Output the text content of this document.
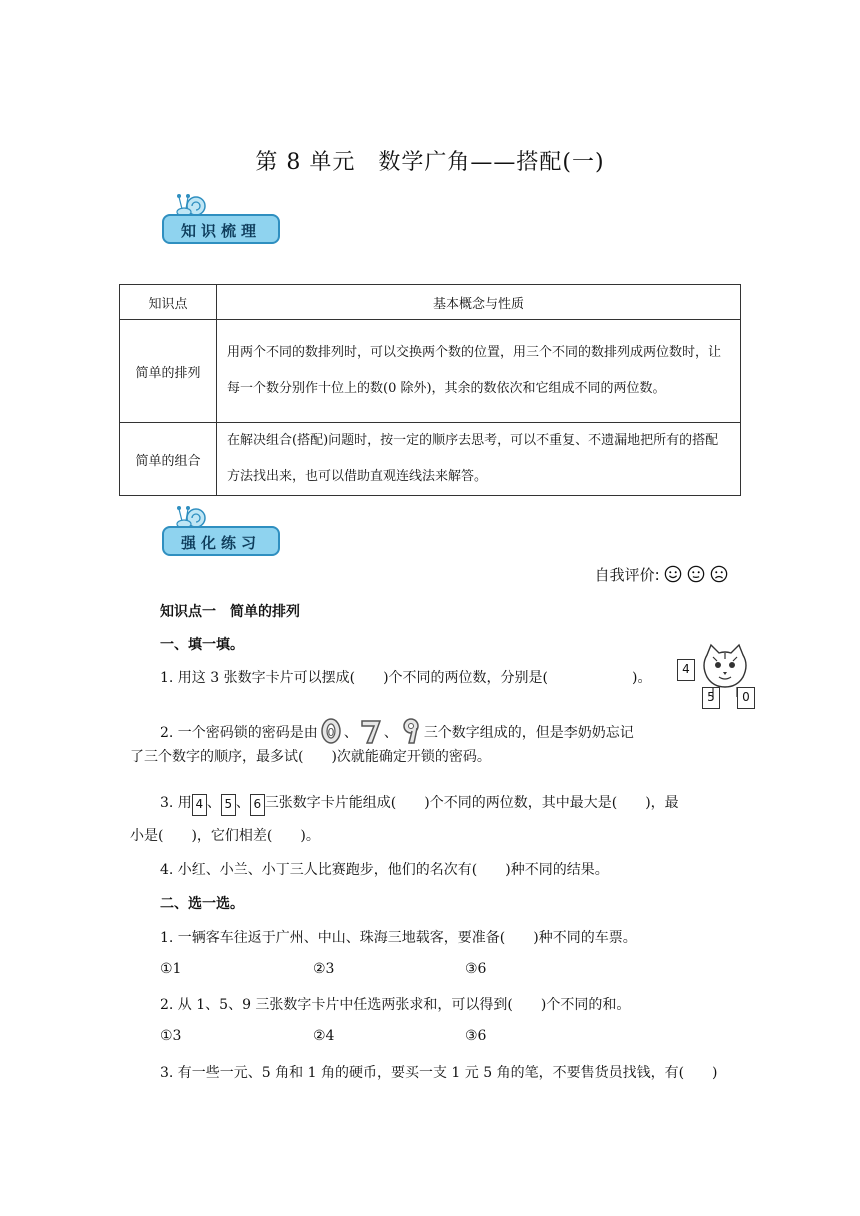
第 8 单元　数学广角——搭配(一)
知识梳理
知识点	基本概念与性质
简单的排列	用两个不同的数排列时，可以交换两个数的位置，用三个不同的数排列成两位数时，让每一个数分别作十位上的数(0 除外)，其余的数依次和它组成不同的两位数。
简单的组合	在解决组合(搭配)问题时，按一定的顺序去思考，可以不重复、不遗漏地把所有的搭配方法找出来，也可以借助直观连线法来解答。
强化练习
自我评价:
知识点一　简单的排列
一、填一填。
1. 用这 3 张数字卡片可以摆成(　　)个不同的两位数，分别是(　　　　　　)。
4
5	0
2. 一个密码锁的密码是由 0 、 、 三个数字组成的，但是李奶奶忘记
了三个数字的顺序，最多试(　　)次就能确定开锁的密码。
3. 用 4 、 5 、 6 三张数字卡片能组成(　　)个不同的两位数，其中最大是(　　)，最
小是(　　)，它们相差(　　)。
4. 小红、小兰、小丁三人比赛跑步，他们的名次有(　　)种不同的结果。
二、选一选。
1. 一辆客车往返于广州、中山、珠海三地载客，要准备(　　)种不同的车票。
①1	②3	③6
2. 从 1、5、9 三张数字卡片中任选两张求和，可以得到(　　)个不同的和。
①3	②4	③6
3. 有一些一元、5 角和 1 角的硬币，要买一支 1 元 5 角的笔，不要售货员找钱，有(　　)
